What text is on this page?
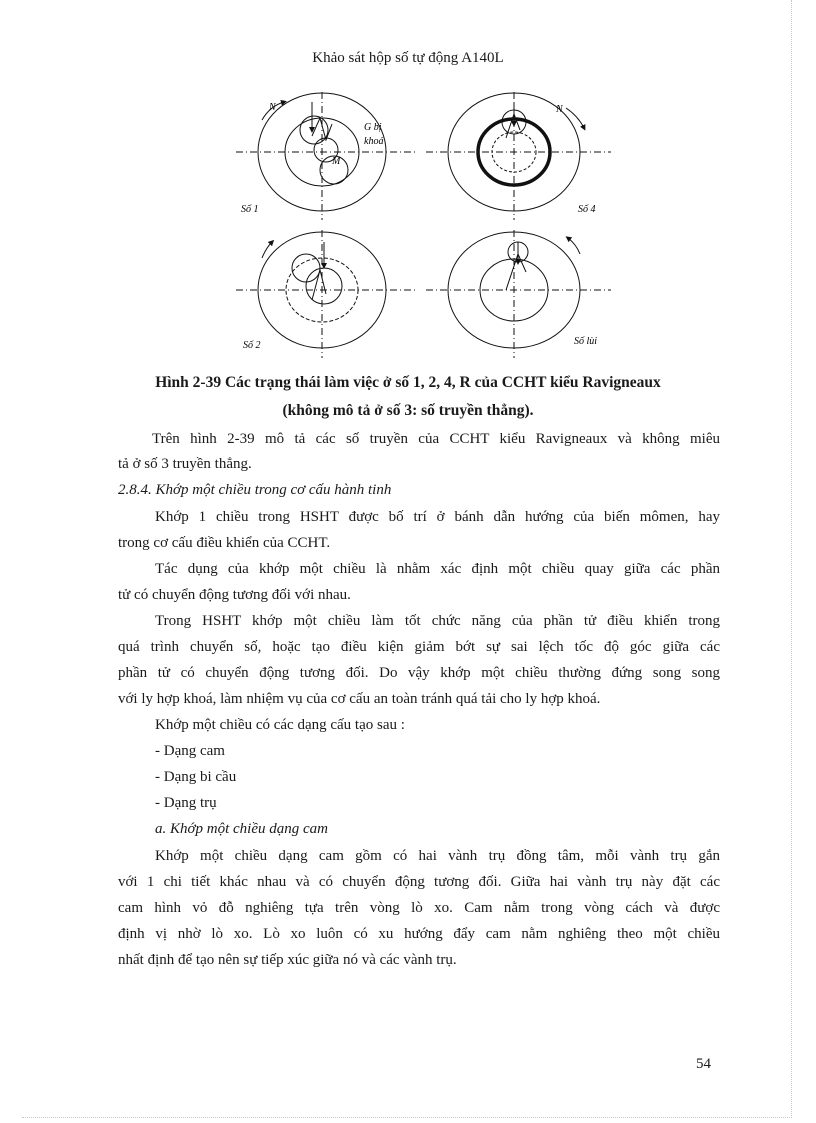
Khảo sát hộp số tự động A140L
N
G bị
khoá
M
Số 1
N
Số 4
Số 2	Số lùi
Hình 2-39 Các trạng thái làm việc ở số 1, 2, 4, R của CCHT kiểu Ravigneaux
(không mô tả ở số 3: số truyền thẳng).
Trên hình 2-39 mô tả các số truyền của CCHT kiểu Ravigneaux và không miêu
tả ở số 3 truyền thẳng.
2.8.4. Khớp một chiều trong cơ cấu hành tinh
Khớp 1 chiều trong HSHT được bố trí ở bánh dẫn hướng của biến mômen, hay
trong cơ cấu điều khiển của CCHT.
Tác dụng của khớp một chiều là nhằm xác định một chiều quay giữa các phần
tử có chuyển động tương đối với nhau.
Trong HSHT khớp một chiều làm tốt chức năng của phần tử điều khiển trong
quá trình chuyển số, hoặc tạo điều kiện giảm bớt sự sai lệch tốc độ góc giữa các
phần tử có chuyển động tương đối. Do vậy khớp một chiều thường đứng song song
với ly hợp khoá, làm nhiệm vụ của cơ cấu an toàn tránh quá tải cho ly hợp khoá.
Khớp một chiều có các dạng cấu tạo sau :
- Dạng cam
- Dạng bi cầu
- Dạng trụ
a. Khớp một chiều dạng cam
Khớp một chiều dạng cam gồm có hai vành trụ đồng tâm, mỗi vành trụ gắn
với 1 chi tiết khác nhau và có chuyển động tương đối. Giữa hai vành trụ này đặt các
cam hình vỏ đỗ nghiêng tựa trên vòng lò xo. Cam nằm trong vòng cách và được
định vị nhờ lò xo. Lò xo luôn có xu hướng đẩy cam nằm nghiêng theo một chiều
nhất định để tạo nên sự tiếp xúc giữa nó và các vành trụ.
54
